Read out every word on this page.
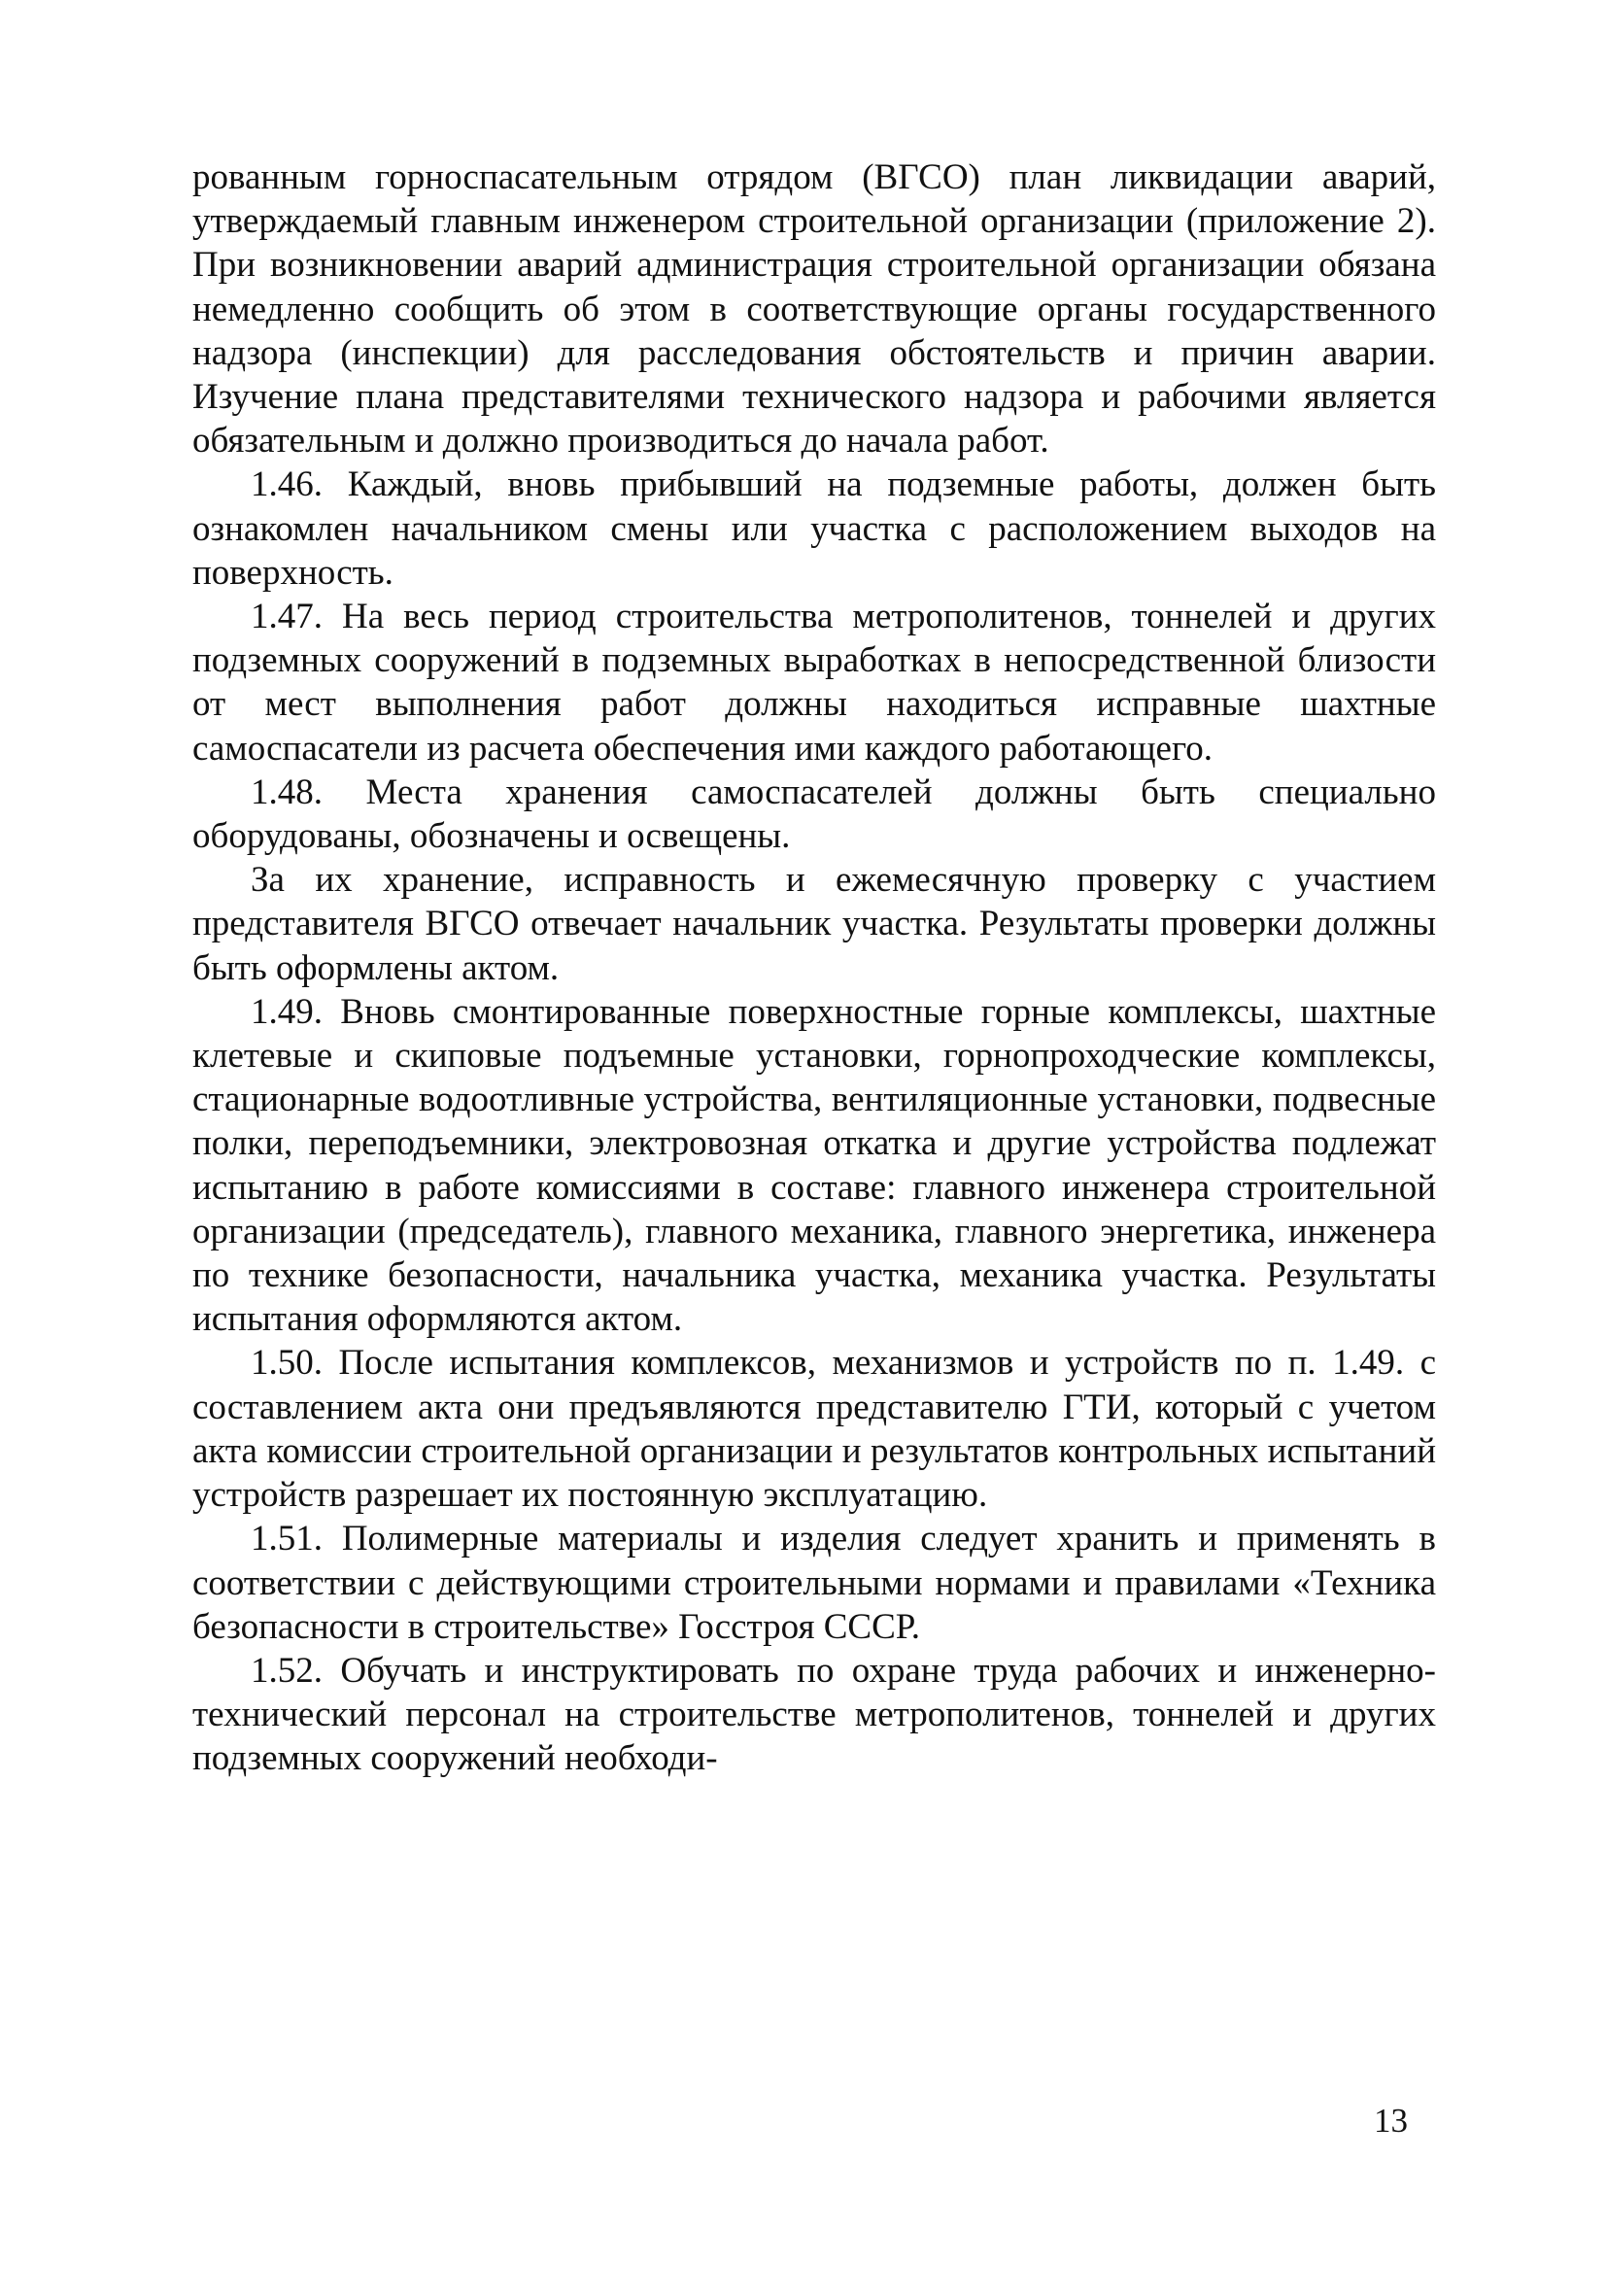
рованным горноспасательным отрядом (ВГСО) план ликвидации аварий, утверждаемый главным инженером строительной организации (приложение 2). При возникновении аварий администрация строительной организации обязана немедленно сообщить об этом в соответствующие органы государственного надзора (инспекции) для расследования обстоятельств и причин аварии. Изучение плана представителями технического надзора и рабочими является обязательным и должно производиться до начала работ.

1.46. Каждый, вновь прибывший на подземные работы, должен быть ознакомлен начальником смены или участка с расположением выходов на поверхность.

1.47. На весь период строительства метрополитенов, тоннелей и других подземных сооружений в подземных выработках в непосредственной близости от мест выполнения работ должны находиться исправные шахтные самоспасатели из расчета обеспечения ими каждого работающего.

1.48. Места хранения самоспасателей должны быть специально оборудованы, обозначены и освещены.

За их хранение, исправность и ежемесячную проверку с участием представителя ВГСО отвечает начальник участка. Результаты проверки должны быть оформлены актом.

1.49. Вновь смонтированные поверхностные горные комплексы, шахтные клетевые и скиповые подъемные установки, горнопроходческие комплексы, стационарные водоотливные устройства, вентиляционные установки, подвесные полки, переподъемники, электровозная откатка и другие устройства подлежат испытанию в работе комиссиями в составе: главного инженера строительной организации (председатель), главного механика, главного энергетика, инженера по технике безопасности, начальника участка, механика участка. Результаты испытания оформляются актом.

1.50. После испытания комплексов, механизмов и устройств по п. 1.49. с составлением акта они предъявляются представителю ГТИ, который с учетом акта комиссии строительной организации и результатов контрольных испытаний устройств разрешает их постоянную эксплуатацию.

1.51. Полимерные материалы и изделия следует хранить и применять в соответствии с действующими строительными нормами и правилами «Техника безопасности в строительстве» Госстроя СССР.

1.52. Обучать и инструктировать по охране труда рабочих и инженерно-технический персонал на строительстве метрополитенов, тоннелей и других подземных сооружений необходи-

13
